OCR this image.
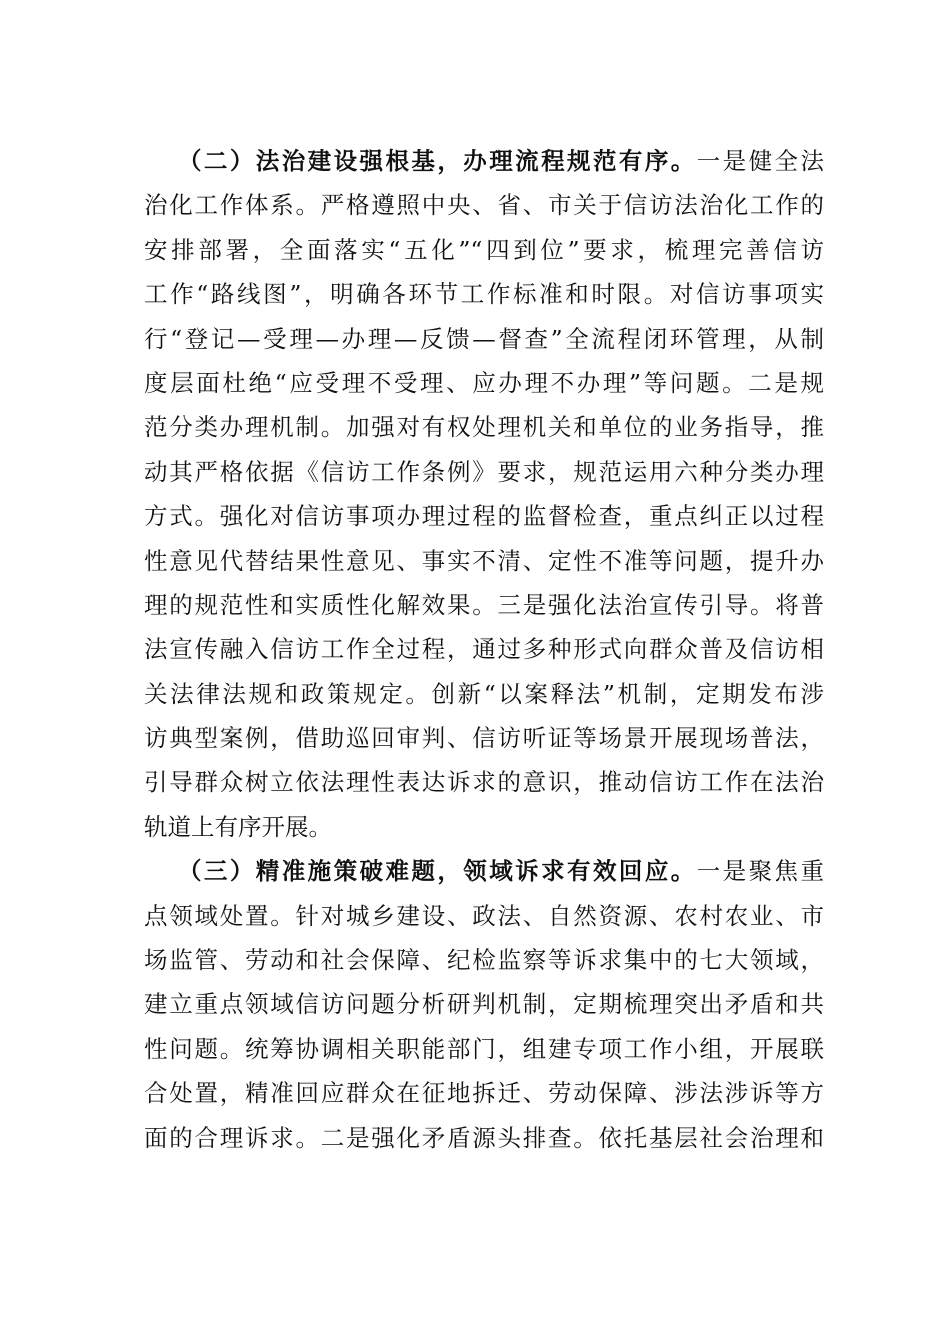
（二）法治建设强根基，办理流程规范有序。一是健全法
治化工作体系。严格遵照中央、省、市关于信访法治化工作的
安排部署，全面落实“五化”“四到位”要求，梳理完善信访
工作“路线图”，明确各环节工作标准和时限。对信访事项实
行“登记—受理—办理—反馈—督查”全流程闭环管理，从制
度层面杜绝“应受理不受理、应办理不办理”等问题。二是规
范分类办理机制。加强对有权处理机关和单位的业务指导，推
动其严格依据《信访工作条例》要求，规范运用六种分类办理
方式。强化对信访事项办理过程的监督检查，重点纠正以过程
性意见代替结果性意见、事实不清、定性不准等问题，提升办
理的规范性和实质性化解效果。三是强化法治宣传引导。将普
法宣传融入信访工作全过程，通过多种形式向群众普及信访相
关法律法规和政策规定。创新“以案释法”机制，定期发布涉
访典型案例，借助巡回审判、信访听证等场景开展现场普法，
引导群众树立依法理性表达诉求的意识，推动信访工作在法治
轨道上有序开展。
（三）精准施策破难题，领域诉求有效回应。一是聚焦重
点领域处置。针对城乡建设、政法、自然资源、农村农业、市
场监管、劳动和社会保障、纪检监察等诉求集中的七大领域，
建立重点领域信访问题分析研判机制，定期梳理突出矛盾和共
性问题。统筹协调相关职能部门，组建专项工作小组，开展联
合处置，精准回应群众在征地拆迁、劳动保障、涉法涉诉等方
面的合理诉求。二是强化矛盾源头排查。依托基层社会治理和
